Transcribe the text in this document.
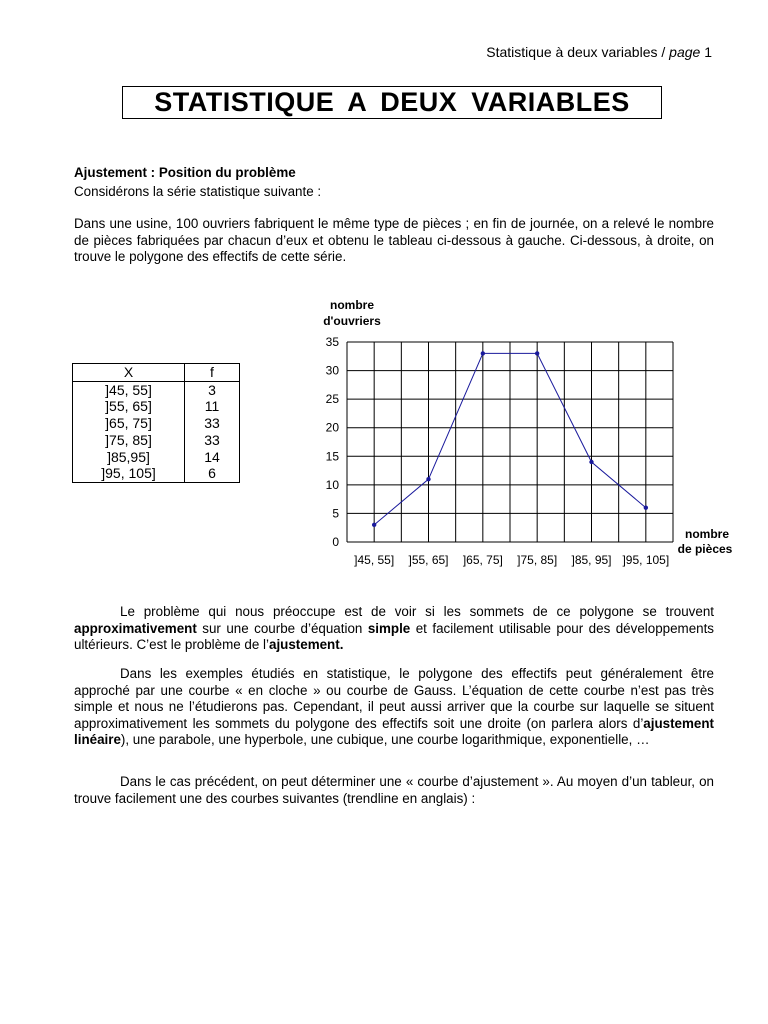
Statistique à deux variables / page 1
STATISTIQUE A DEUX VARIABLES

Ajustement : Position du problème

Considérons la série statistique suivante :

Dans une usine, 100 ouvriers fabriquent le même type de pièces ; en fin de journée, on a relevé le nombre de pièces fabriquées par chacun d’eux et obtenu le tableau ci-dessous à gauche. Ci-dessous, à droite, on trouve le polygone des effectifs de cette série.

X	f
]45, 55]	3
]55, 65]	11
]65, 75]	33
]75, 85]	33
]85,95]	14
]95, 105]	6
nombre
d'ouvriers
nombre
de pièces
0
5
10
15
20
25
30
35
]45, 55] ]55, 65] ]65, 75] ]75, 85] ]85, 95] ]95, 105]

Le problème qui nous préoccupe est de voir si les sommets de ce polygone se trouvent approximativement sur une courbe d’équation simple et facilement utilisable pour des développements ultérieurs. C’est le problème de l’ajustement.

Dans les exemples étudiés en statistique, le polygone des effectifs peut généralement être approché par une courbe « en cloche » ou courbe de Gauss. L’équation de cette courbe n’est pas très simple et nous ne l’étudierons pas. Cependant, il peut aussi arriver que la courbe sur laquelle se situent approximativement les sommets du polygone des effectifs soit une droite (on parlera alors d’ajustement linéaire), une parabole, une hyperbole, une cubique, une courbe logarithmique, exponentielle, …

Dans le cas précédent, on peut déterminer une « courbe d’ajustement ». Au moyen d’un tableur, on trouve facilement une des courbes suivantes (trendline en anglais) :
